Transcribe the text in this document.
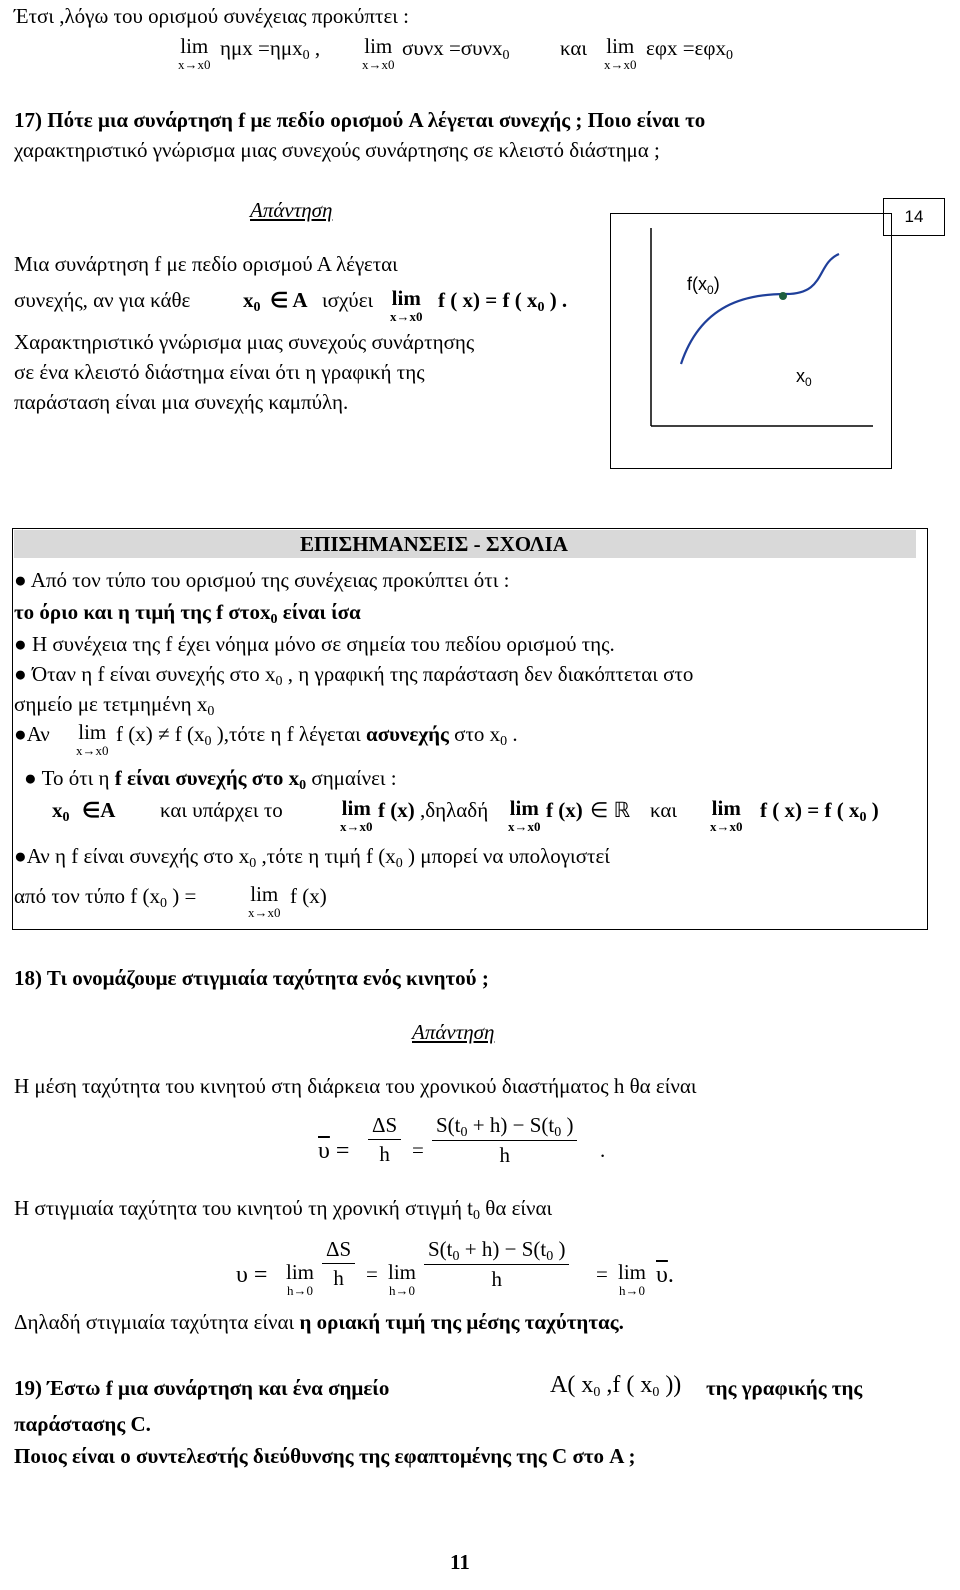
Έτσι ,λόγω του ορισμού συνέχειας προκύπτει :
lim
x→x0
ημx =ημx0 , lim
x→x0
συνx =συνx0 και lim
x→x0
εφx =εφx0
17) Πότε μια συνάρτηση f με πεδίο ορισμού A λέγεται συνεχής ; Ποιο είναι το
χαρακτηριστικό γνώρισμα μιας συνεχούς συνάρτησης σε κλειστό διάστημα ;
Απάντηση
Μια συνάρτηση f με πεδίο ορισμού Α λέγεται
συνεχής, αν για κάθε	x0 ∈ Α ισχύει lim
x→x0
f ( x) = f ( x0 ) .
Χαρακτηριστικό γνώρισμα μιας συνεχούς συνάρτησης
σε ένα κλειστό διάστημα είναι ότι η γραφική της
παράσταση είναι μια συνεχής καμπύλη.
$f(x_0)$
$x_0$
14
ΕΠΙΣΗΜΑΝΣΕΙΣ - ΣΧΟΛΙΑ
● Από τον τύπο του ορισμού της συνέχειας προκύπτει ότι :
το όριο και η τιμή της f στοx0 είναι ίσα
● Η συνέχεια της f έχει νόημα μόνο σε σημεία του πεδίου ορισμού της.
● Όταν η f είναι συνεχής στο x0 , η γραφική της παράσταση δεν διακόπτεται στο
σημείο με τετμημένη x0
●Αν lim
x→x0
f (x) ≠ f (x0 ),τότε η f λέγεται ασυνεχής στο x0 .
● Το ότι η f είναι συνεχής στο x0 σημαίνει :
x0 ∈A και υπάρχει το	lim
x→x0
f (x) ,δηλαδή lim
x→x0
f (x) ∈ ℝ και lim
x→x0
f ( x) = f ( x0 )
●Αν η f είναι συνεχής στο x0 ,τότε η τιμή f (x0 ) μπορεί να υπολογιστεί
από τον τύπο f (x0 ) =	lim
x→x0
f (x)
18) Τι ονομάζουμε στιγμιαία ταχύτητα ενός κινητού ;
Απάντηση
Η μέση ταχύτητα του κινητού στη διάρκεια του χρονικού διαστήματος h θα είναι
$\overline{\upsilon} = \frac{\Delta S}{h} = \frac{S(t0 + h) - S(t0 )}{h}$ .
Η στιγμιαία ταχύτητα του κινητού τη χρονική στιγμή t0 θα είναι
υ = lim
h→0
$\frac{\Delta S}{h} = \lim$
h→0
$\frac{S(t0 + h) - S(t0 )}{h} = \lim$
h→0
$\overline{\upsilon}$.
Δηλαδή στιγμιαία ταχύτητα είναι η οριακή τιμή της μέσης ταχύτητας.
19) Έστω f μια συνάρτηση και ένα σημείο	A( x0 ,f ( x0 )) της γραφικής της
παράστασης C.
Ποιος είναι ο συντελεστής διεύθυνσης της εφαπτομένης της C στο A ;
11
